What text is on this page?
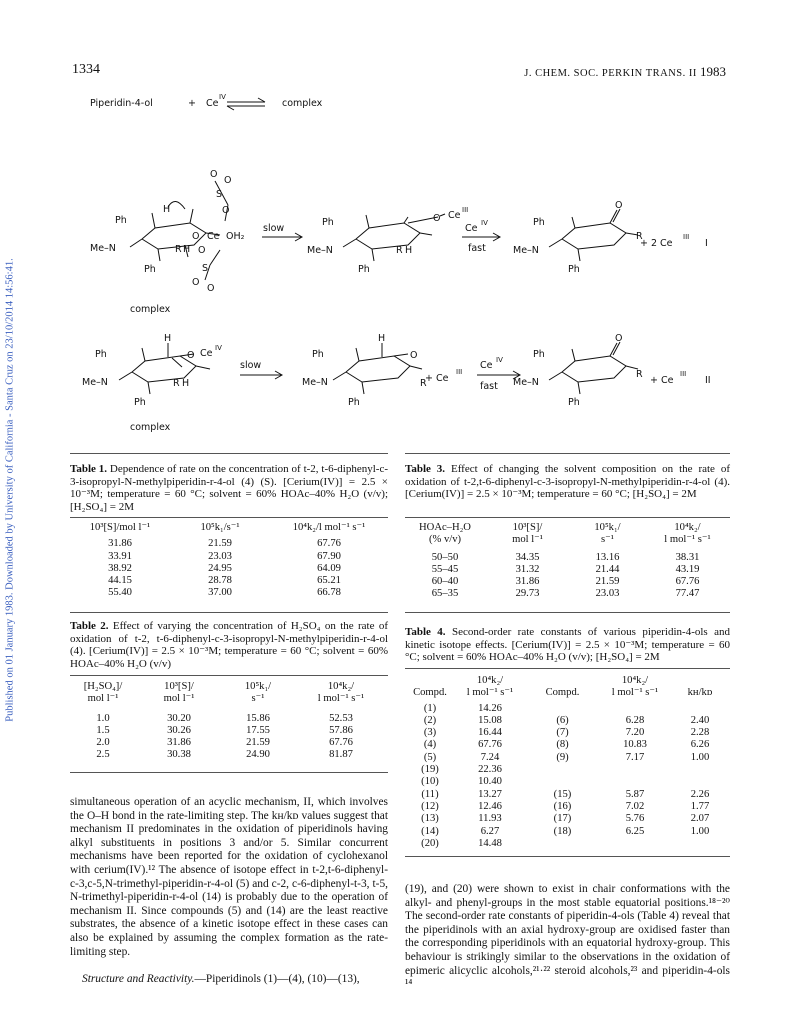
Published on 01 January 1983. Downloaded by University of California - Santa Cruz on 23/10/2014 14:56:41.
1334	J. CHEM. SOC. PERKIN TRANS. II 1983
Piperidin-4-ol	+ Ce
IV
complex
O
O
S
O
H
O Ce OH₂
Ph
Me–N
Ph
R H O
S
O
O
slow
complex
Ph
Me–N
Ph
R H
O Ce III
Ce IV
fast
Ph
O
Me–N
Ph
R
+ 2 Ce
III
I
H
O Ce IV
Ph
Me–N
Ph
R H
slow
complex
Ph
H
O
Me–N
Ph
R
+ Ce
III
Ce IV
fast
Ph
O
Me–N
Ph
R
+ Ce
III
II
Table 1. Dependence of rate on the concentration of t-2, t-6-diphenyl-c-3-isopropyl-N-methylpiperidin-r-4-ol (4) (S). [Cerium(IV)] = 2.5 × 10⁻³M; temperature = 60 °C; solvent = 60% HOAc–40% H₂O (v/v); [H₂SO₄] = 2M
10³[S]/mol l⁻¹	10⁵k₁/s⁻¹	10⁴k₂/l mol⁻¹ s⁻¹

31.86	21.59	67.76
33.91	23.03	67.90
38.92	24.95	64.09
44.15	28.78	65.21
55.40	37.00	66.78
Table 2. Effect of varying the concentration of H₂SO₄ on the rate of oxidation of t-2, t-6-diphenyl-c-3-isopropyl-N-methylpiperidin-r-4-ol (4). [Cerium(IV)] = 2.5 × 10⁻³M; temperature = 60 °C; solvent = 60% HOAc–40% H₂O (v/v)
[H₂SO₄]/	10³[S]/	10⁵k₁/	10⁴k₂/
mol l⁻¹	mol l⁻¹	s⁻¹	l mol⁻¹ s⁻¹

1.0	30.20	15.86	52.53
1.5	30.26	17.55	57.86
2.0	31.86	21.59	67.76
2.5	30.38	24.90	81.87
simultaneous operation of an acyclic mechanism, II, which involves the O–H bond in the rate-limiting step. The kʜ/kᴅ values suggest that mechanism II predominates in the oxidation of piperidinols having alkyl substituents in positions 3 and/or 5. Similar concurrent mechanisms have been reported for the oxidation of cyclohexanol with cerium(IV).¹² The absence of isotope effect in t-2,t-6-diphenyl-c-3,c-5,N-trimethyl-piperidin-r-4-ol (5) and c-2, c-6-diphenyl-t-3, t-5, N-trimethyl-piperidin-r-4-ol (14) is probably due to the operation of mechanism II. Since compounds (5) and (14) are the least reactive substrates, the absence of a kinetic isotope effect in these cases can also be explained by assuming the complex formation as the rate-limiting step.
Structure and Reactivity.—Piperidinols (1)—(4), (10)—(13),
Table 3. Effect of changing the solvent composition on the rate of oxidation of t-2,t-6-diphenyl-c-3-isopropyl-N-methylpiperidin-r-4-ol (4). [Cerium(IV)] = 2.5 × 10⁻³M; temperature = 60 °C; [H₂SO₄] = 2M
HOAc–H₂O	10³[S]/	10⁵k₁/	10⁴k₂/
(% v/v)	mol l⁻¹	s⁻¹	l mol⁻¹ s⁻¹

50–50	34.35	13.16	38.31
55–45	31.32	21.44	43.19
60–40	31.86	21.59	67.76
65–35	29.73	23.03	77.47
Table 4. Second-order rate constants of various piperidin-4-ols and kinetic isotope effects. [Cerium(IV)] = 2.5 × 10⁻³M; temperature = 60 °C; solvent = 60% HOAc–40% H₂O (v/v); [H₂SO₄] = 2M
	10⁴k₂/		10⁴k₂/	
Compd.	l mol⁻¹ s⁻¹	Compd.	l mol⁻¹ s⁻¹	kʜ/kᴅ

(1)	14.26			
(2)	15.08	(6)	6.28	2.40
(3)	16.44	(7)	7.20	2.28
(4)	67.76	(8)	10.83	6.26
(5)	7.24	(9)	7.17	1.00
(19)	22.36			
(10)	10.40			
(11)	13.27	(15)	5.87	2.26
(12)	12.46	(16)	7.02	1.77
(13)	11.93	(17)	5.76	2.07
(14)	6.27	(18)	6.25	1.00
(20)	14.48			
(19), and (20) were shown to exist in chair conformations with the alkyl- and phenyl-groups in the most stable equatorial positions.¹⁸⁻²⁰ The second-order rate constants of piperidin-4-ols (Table 4) reveal that the piperidinols with an axial hydroxy-group are oxidised faster than the corresponding piperidinols with an equatorial hydroxy-group. This behaviour is strikingly similar to the observations in the oxidation of epimeric alicyclic alcohols,²¹·²² steroid alcohols,²³ and piperidin-4-ols ¹⁴
